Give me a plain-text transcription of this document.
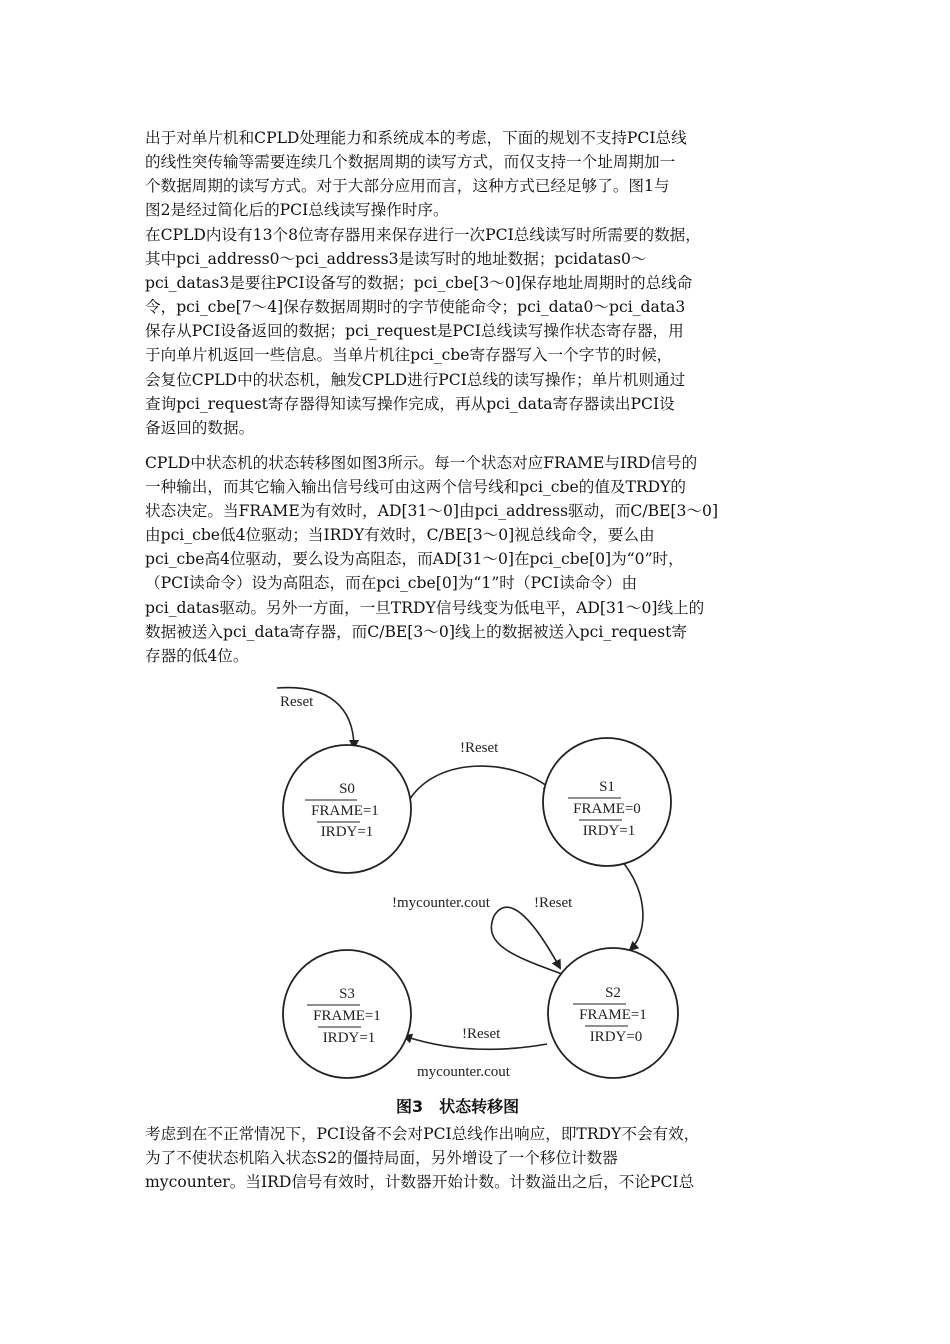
出于对单片机和CPLD处理能力和系统成本的考虑，下面的规划不支持PCI总线
的线性突传输等需要连续几个数据周期的读写方式，而仅支持一个址周期加一
个数据周期的读写方式。对于大部分应用而言，这种方式已经足够了。图1与
图2是经过简化后的PCI总线读写操作时序。
在CPLD内设有13个8位寄存器用来保存进行一次PCI总线读写时所需要的数据，
其中pci_address0～pci_address3是读写时的地址数据；pcidatas0～
pci_datas3是要往PCI设备写的数据；pci_cbe[3～0]保存地址周期时的总线命
令，pci_cbe[7～4]保存数据周期时的字节使能命令；pci_data0～pci_data3
保存从PCI设备返回的数据；pci_request是PCI总线读写操作状态寄存器，用
于向单片机返回一些信息。当单片机往pci_cbe寄存器写入一个字节的时候，
会复位CPLD中的状态机，触发CPLD进行PCI总线的读写操作；单片机则通过
查询pci_request寄存器得知读写操作完成，再从pci_data寄存器读出PCI设
备返回的数据。
CPLD中状态机的状态转移图如图3所示。每一个状态对应FRAME与IRD信号的
一种输出，而其它输入输出信号线可由这两个信号线和pci_cbe的值及TRDY的
状态决定。当FRAME为有效时，AD[31～0]由pci_address驱动，而C/BE[3～0]
由pci_cbe低4位驱动；当IRDY有效时，C/BE[3～0]视总线命令，要么由
pci_cbe高4位驱动，要么设为高阻态，而AD[31～0]在pci_cbe[0]为“0”时，
（PCI读命令）设为高阻态，而在pci_cbe[0]为“1”时（PCI读命令）由
pci_datas驱动。另外一方面，一旦TRDY信号线变为低电平，AD[31～0]线上的
数据被送入pci_data寄存器，而C/BE[3～0]线上的数据被送入pci_request寄
存器的低4位。
S0
FRAME=1
IRDY=1
S1
FRAME=0
IRDY=1
S2
FRAME=1
IRDY=0
S3
FRAME=1
IRDY=1
Reset
!Reset
!mycounter.cout	!Reset
!Reset
mycounter.cout
图3　状态转移图
考虑到在不正常情况下，PCI设备不会对PCI总线作出响应，即TRDY不会有效，
为了不使状态机陷入状态S2的僵持局面，另外增设了一个移位计数器
mycounter。当IRD信号有效时，计数器开始计数。计数溢出之后，不论PCI总
